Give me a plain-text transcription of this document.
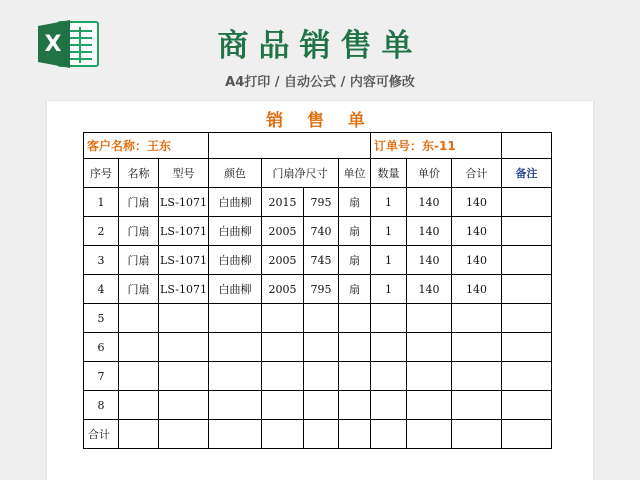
X	商品销售单
A4打印 / 自动公式 / 内容可修改
销 售 单
客户名称：王东							订单号：东-11			
序号	名称	型号	颜色	门扇净尺寸		单位	数量	单价	合计	备注
1	门扇	LS-1071	白曲柳	2015	795	扇	1	140	140	
2	门扇	LS-1071	白曲柳	2005	740	扇	1	140	140	
3	门扇	LS-1071	白曲柳	2005	745	扇	1	140	140	
4	门扇	LS-1071	白曲柳	2005	795	扇	1	140	140	
5										
6										
7										
8										
合计										
